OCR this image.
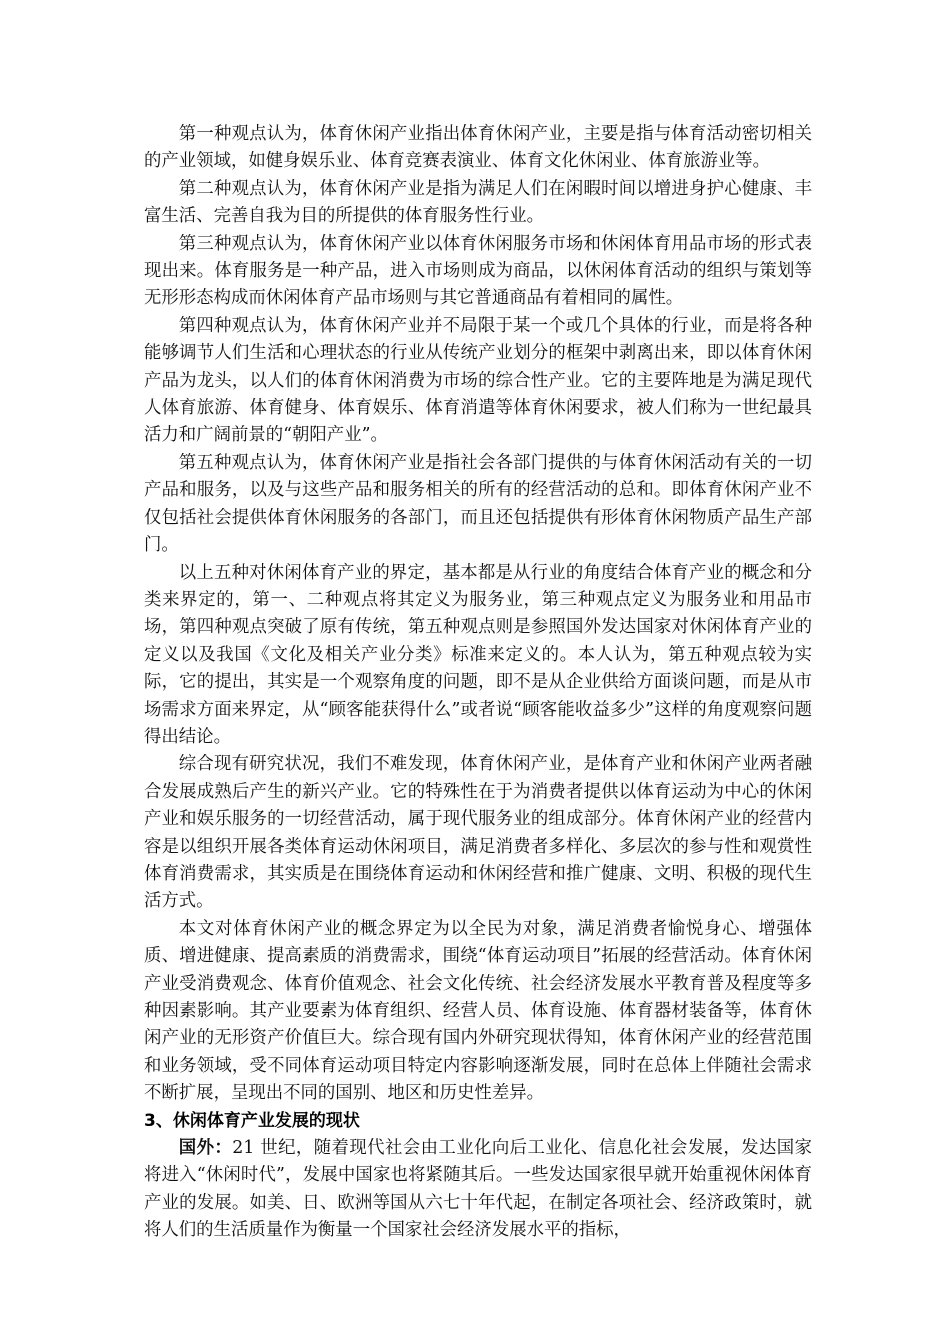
第一种观点认为，体育休闲产业指出体育休闲产业，主要是指与体育活动密切相关的产业领域，如健身娱乐业、体育竞赛表演业、体育文化休闲业、体育旅游业等。

第二种观点认为，体育休闲产业是指为满足人们在闲暇时间以增进身护心健康、丰富生活、完善自我为目的所提供的体育服务性行业。

第三种观点认为，体育休闲产业以体育休闲服务市场和休闲体育用品市场的形式表现出来。体育服务是一种产品，进入市场则成为商品，以休闲体育活动的组织与策划等无形形态构成而休闲体育产品市场则与其它普通商品有着相同的属性。

第四种观点认为，体育休闲产业并不局限于某一个或几个具体的行业，而是将各种能够调节人们生活和心理状态的行业从传统产业划分的框架中剥离出来，即以体育休闲产品为龙头，以人们的体育休闲消费为市场的综合性产业。它的主要阵地是为满足现代人体育旅游、体育健身、体育娱乐、体育消遣等体育休闲要求，被人们称为一世纪最具活力和广阔前景的“朝阳产业”。

第五种观点认为，体育休闲产业是指社会各部门提供的与体育休闲活动有关的一切产品和服务，以及与这些产品和服务相关的所有的经营活动的总和。即体育休闲产业不仅包括社会提供体育休闲服务的各部门，而且还包括提供有形体育休闲物质产品生产部门。

以上五种对休闲体育产业的界定，基本都是从行业的角度结合体育产业的概念和分类来界定的，第一、二种观点将其定义为服务业，第三种观点定义为服务业和用品市场，第四种观点突破了原有传统，第五种观点则是参照国外发达国家对休闲体育产业的定义以及我国《文化及相关产业分类》标准来定义的。本人认为，第五种观点较为实际，它的提出，其实是一个观察角度的问题，即不是从企业供给方面谈问题，而是从市场需求方面来界定，从“顾客能获得什么”或者说“顾客能收益多少”这样的角度观察问题得出结论。

综合现有研究状况，我们不难发现，体育休闲产业，是体育产业和休闲产业两者融合发展成熟后产生的新兴产业。它的特殊性在于为消费者提供以体育运动为中心的休闲产业和娱乐服务的一切经营活动，属于现代服务业的组成部分。体育休闲产业的经营内容是以组织开展各类体育运动休闲项目，满足消费者多样化、多层次的参与性和观赏性体育消费需求，其实质是在围绕体育运动和休闲经营和推广健康、文明、积极的现代生活方式。

本文对体育休闲产业的概念界定为以全民为对象，满足消费者愉悦身心、增强体质、增进健康、提高素质的消费需求，围绕“体育运动项目”拓展的经营活动。体育休闲产业受消费观念、体育价值观念、社会文化传统、社会经济发展水平教育普及程度等多种因素影响。其产业要素为体育组织、经营人员、体育设施、体育器材装备等，体育休闲产业的无形资产价值巨大。综合现有国内外研究现状得知，体育休闲产业的经营范围和业务领域，受不同体育运动项目特定内容影响逐渐发展，同时在总体上伴随社会需求不断扩展，呈现出不同的国别、地区和历史性差异。

3、休闲体育产业发展的现状

国外：21 世纪，随着现代社会由工业化向后工业化、信息化社会发展，发达国家将进入“休闲时代”，发展中国家也将紧随其后。一些发达国家很早就开始重视休闲体育产业的发展。如美、日、欧洲等国从六七十年代起，在制定各项社会、经济政策时，就将人们的生活质量作为衡量一个国家社会经济发展水平的指标，
